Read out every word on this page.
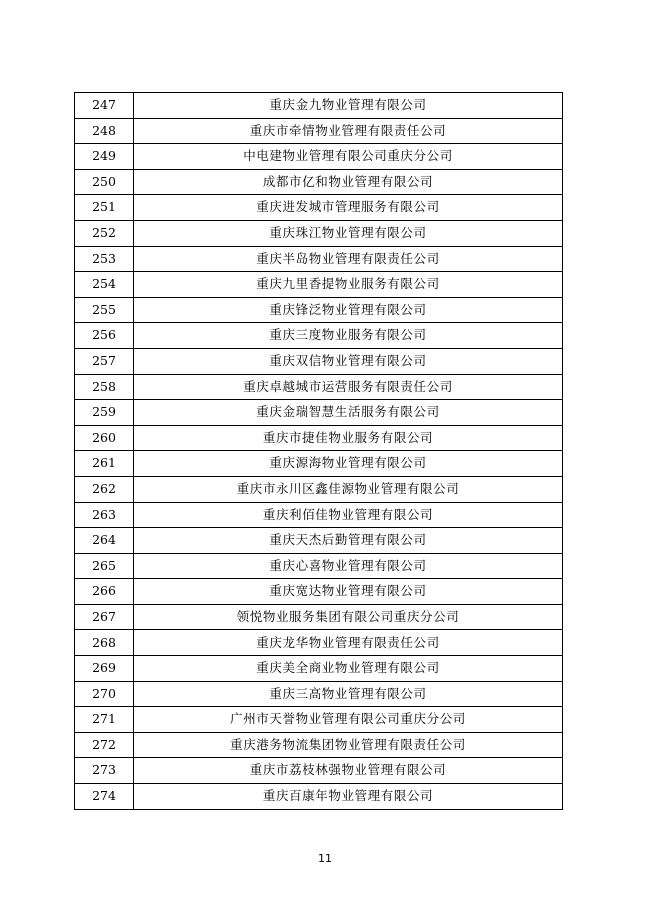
247	重庆金九物业管理有限公司
248	重庆市牵情物业管理有限责任公司
249	中电建物业管理有限公司重庆分公司
250	成都市亿和物业管理有限公司
251	重庆进发城市管理服务有限公司
252	重庆珠江物业管理有限公司
253	重庆半岛物业管理有限责任公司
254	重庆九里香提物业服务有限公司
255	重庆锋泛物业管理有限公司
256	重庆三度物业服务有限公司
257	重庆双信物业管理有限公司
258	重庆卓越城市运营服务有限责任公司
259	重庆金瑞智慧生活服务有限公司
260	重庆市捷佳物业服务有限公司
261	重庆源海物业管理有限公司
262	重庆市永川区鑫佳源物业管理有限公司
263	重庆利佰佳物业管理有限公司
264	重庆天杰后勤管理有限公司
265	重庆心喜物业管理有限公司
266	重庆宽达物业管理有限公司
267	领悦物业服务集团有限公司重庆分公司
268	重庆龙华物业管理有限责任公司
269	重庆美全商业物业管理有限公司
270	重庆三高物业管理有限公司
271	广州市天誉物业管理有限公司重庆分公司
272	重庆港务物流集团物业管理有限责任公司
273	重庆市荔枝林强物业管理有限公司
274	重庆百康年物业管理有限公司
11
